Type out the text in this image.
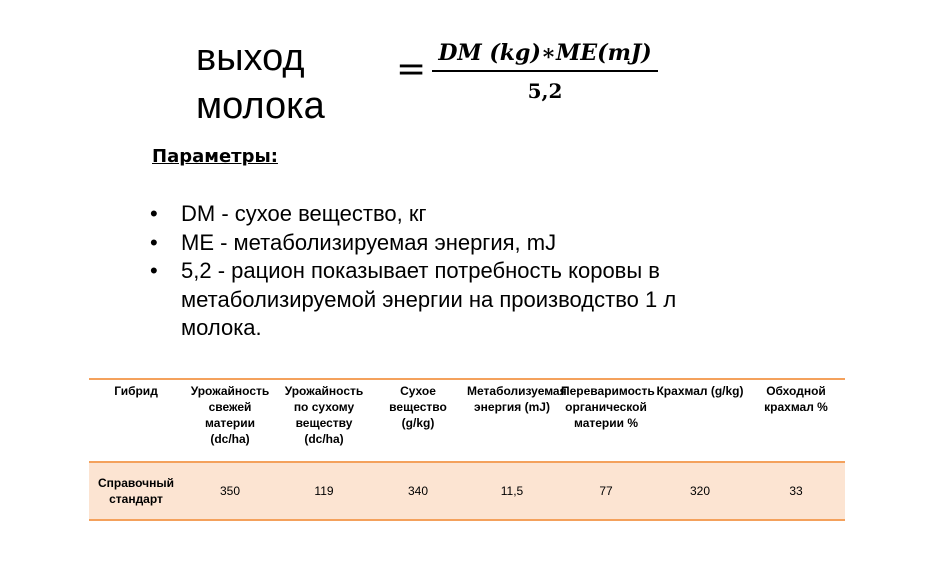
выход
молока
= DM (kg)∗ME(mJ)
5,2
Параметры:
• DM - сухое вещество, кг
• ME - метаболизируемая энергия, mJ
• 5,2 - рацион показывает потребность коровы в метаболизируемой энергии на производство 1 л молока.
Гибрид	Урожайность свежей материи (dc/ha)	Урожайность по сухому веществу (dc/ha)	Сухое вещество (g/kg)	Метаболизуемая энергия (mJ)	Переваримость органической материи %	Крахмал (g/kg)	Обходной крахмал %
Справочный стандарт	350	119	340	11,5	77	320	33
